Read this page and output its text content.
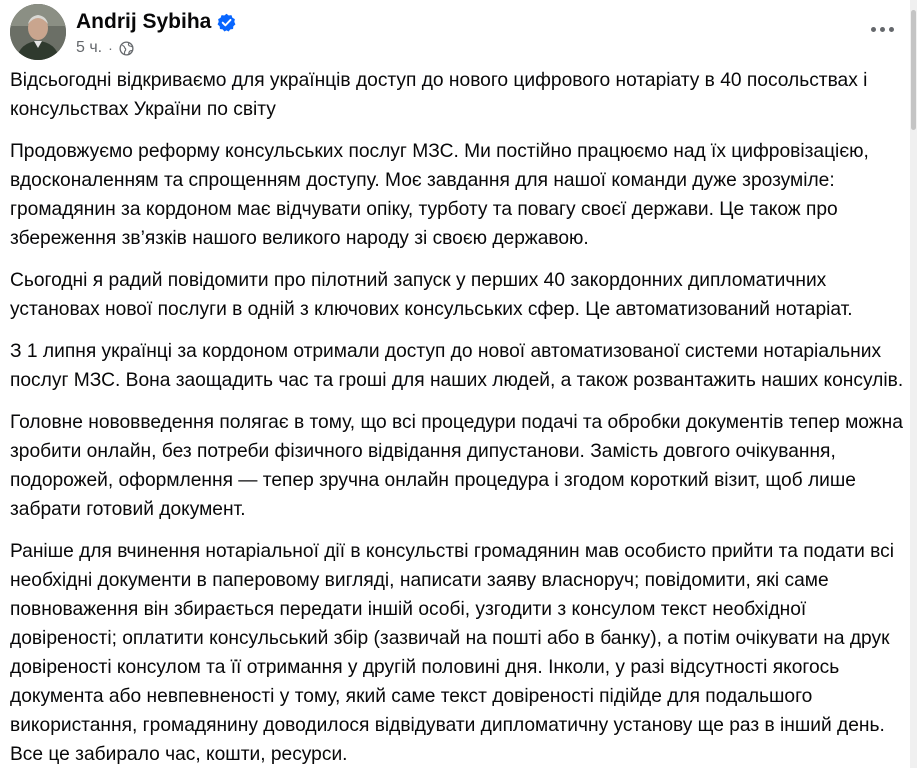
Andrij Sybiha
5 ч. ·

Відсьогодні відкриваємо для українців доступ до нового цифрового нотаріату в 40 посольствах і консульствах України по світу

Продовжуємо реформу консульських послуг МЗС. Ми постійно працюємо над їх цифровізацією, вдосконаленням та спрощенням доступу. Моє завдання для нашої команди дуже зрозуміле: громадянин за кордоном має відчувати опіку, турботу та повагу своєї держави. Це також про збереження зв’язків нашого великого народу зі своєю державою.

Сьогодні я радий повідомити про пілотний запуск у перших 40 закордонних дипломатичних установах нової послуги в одній з ключових консульських сфер. Це автоматизований нотаріат.

З 1 липня українці за кордоном отримали доступ до нової автоматизованої системи нотаріальних послуг МЗС. Вона заощадить час та гроші для наших людей, а також розвантажить наших консулів.

Головне нововведення полягає в тому, що всі процедури подачі та обробки документів тепер можна зробити онлайн, без потреби фізичного відвідання дипустанови. Замість довгого очікування, подорожей, оформлення — тепер зручна онлайн процедура і згодом короткий візит, щоб лише забрати готовий документ.

Раніше для вчинення нотаріальної дії в консульстві громадянин мав особисто прийти та подати всі необхідні документи в паперовому вигляді, написати заяву власноруч; повідомити, які саме повноваження він збирається передати іншій особі, узгодити з консулом текст необхідної довіреності; оплатити консульський збір (зазвичай на пошті або в банку), а потім очікувати на друк довіреності консулом та її отримання у другій половині дня. Інколи, у разі відсутності якогось документа або невпевненості у тому, який саме текст довіреності підійде для подальшого використання, громадянину доводилося відвідувати дипломатичну установу ще раз в інший день. Все це забирало час, кошти, ресурси.
